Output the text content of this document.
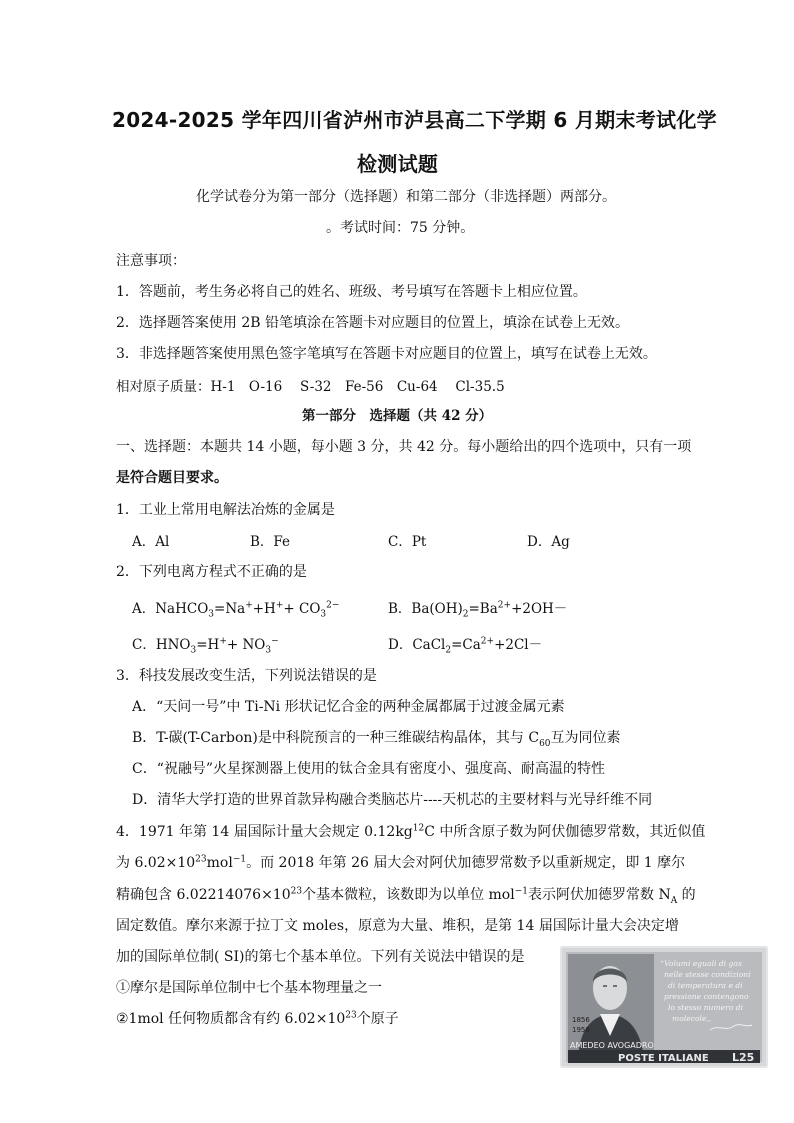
2024-2025 学年四川省泸州市泸县高二下学期 6 月期末考试化学
检测试题
化学试卷分为第一部分（选择题）和第二部分（非选择题）两部分。
。考试时间：75 分钟。
注意事项：
1．答题前，考生务必将自己的姓名、班级、考号填写在答题卡上相应位置。
2．选择题答案使用 2B 铅笔填涂在答题卡对应题目的位置上，填涂在试卷上无效。
3．非选择题答案使用黑色签字笔填写在答题卡对应题目的位置上，填写在试卷上无效。
相对原子质量：H-1　O-16　 S-32　Fe-56　Cu-64　 Cl-35.5
第一部分　选择题（共 42 分）
一、选择题：本题共 14 小题，每小题 3 分，共 42 分。每小题给出的四个选项中，只有一项
是符合题目要求。
1．工业上常用电解法冶炼的金属是
A．Al	B．Fe	C．Pt	D．Ag
2．下列电离方程式不正确的是
A．NaHCO$_3$=Na++H++ $CO_3^{2-}$	B．$Ba(OH)_2=Ba^{2+}+2OH-$
C．$HNO_3=H^++ NO_3^-$	D．$CaCl_2=Ca^{2+}+2Cl-$
3．科技发展改变生活，下列说法错误的是
A．“天问一号”中 Ti-Ni 形状记忆合金的两种金属都属于过渡金属元素
B．T-碳(T-Carbon)是中科院预言的一种三维碳结构晶体，其与 $C_{60}$互为同位素
C．“祝融号”火星探测器上使用的钛合金具有密度小、强度高、耐高温的特性
D．清华大学打造的世界首款异构融合类脑芯片----天机芯的主要材料与光导纤维不同
4．1971 年第 14 届国际计量大会规定 $0.12kg^{12}C$ 中所含原子数为阿伏伽德罗常数，其近似值
为 $6.02\times 10^{23}mol^{-1}$。而 2018 年第 26 届大会对阿伏加德罗常数予以重新规定，即 1 摩尔
精确包含 $6.02214076\times 10^{23}$个基本微粒，该数即为以单位 mol$^{-1}$表示阿伏加德罗常数 $N_A$ 的
固定数值。摩尔来源于拉丁文 moles，原意为大量、堆积，是第 14 届国际计量大会决定增
加的国际单位制( SI)的第七个基本单位。下列有关说法中错误的是
①摩尔是国际单位制中七个基本物理量之一
②1mol 任何物质都含有约 $6.02\times 10^{23}$个原子	1856
1956
“Volumi eguali di gas
nelle stesse condizioni
di temperatura e di
pressione contengono
lo stesso numero di
molecole,,
AMEDEO AVOGADRO
POSTE ITALIANE L25
